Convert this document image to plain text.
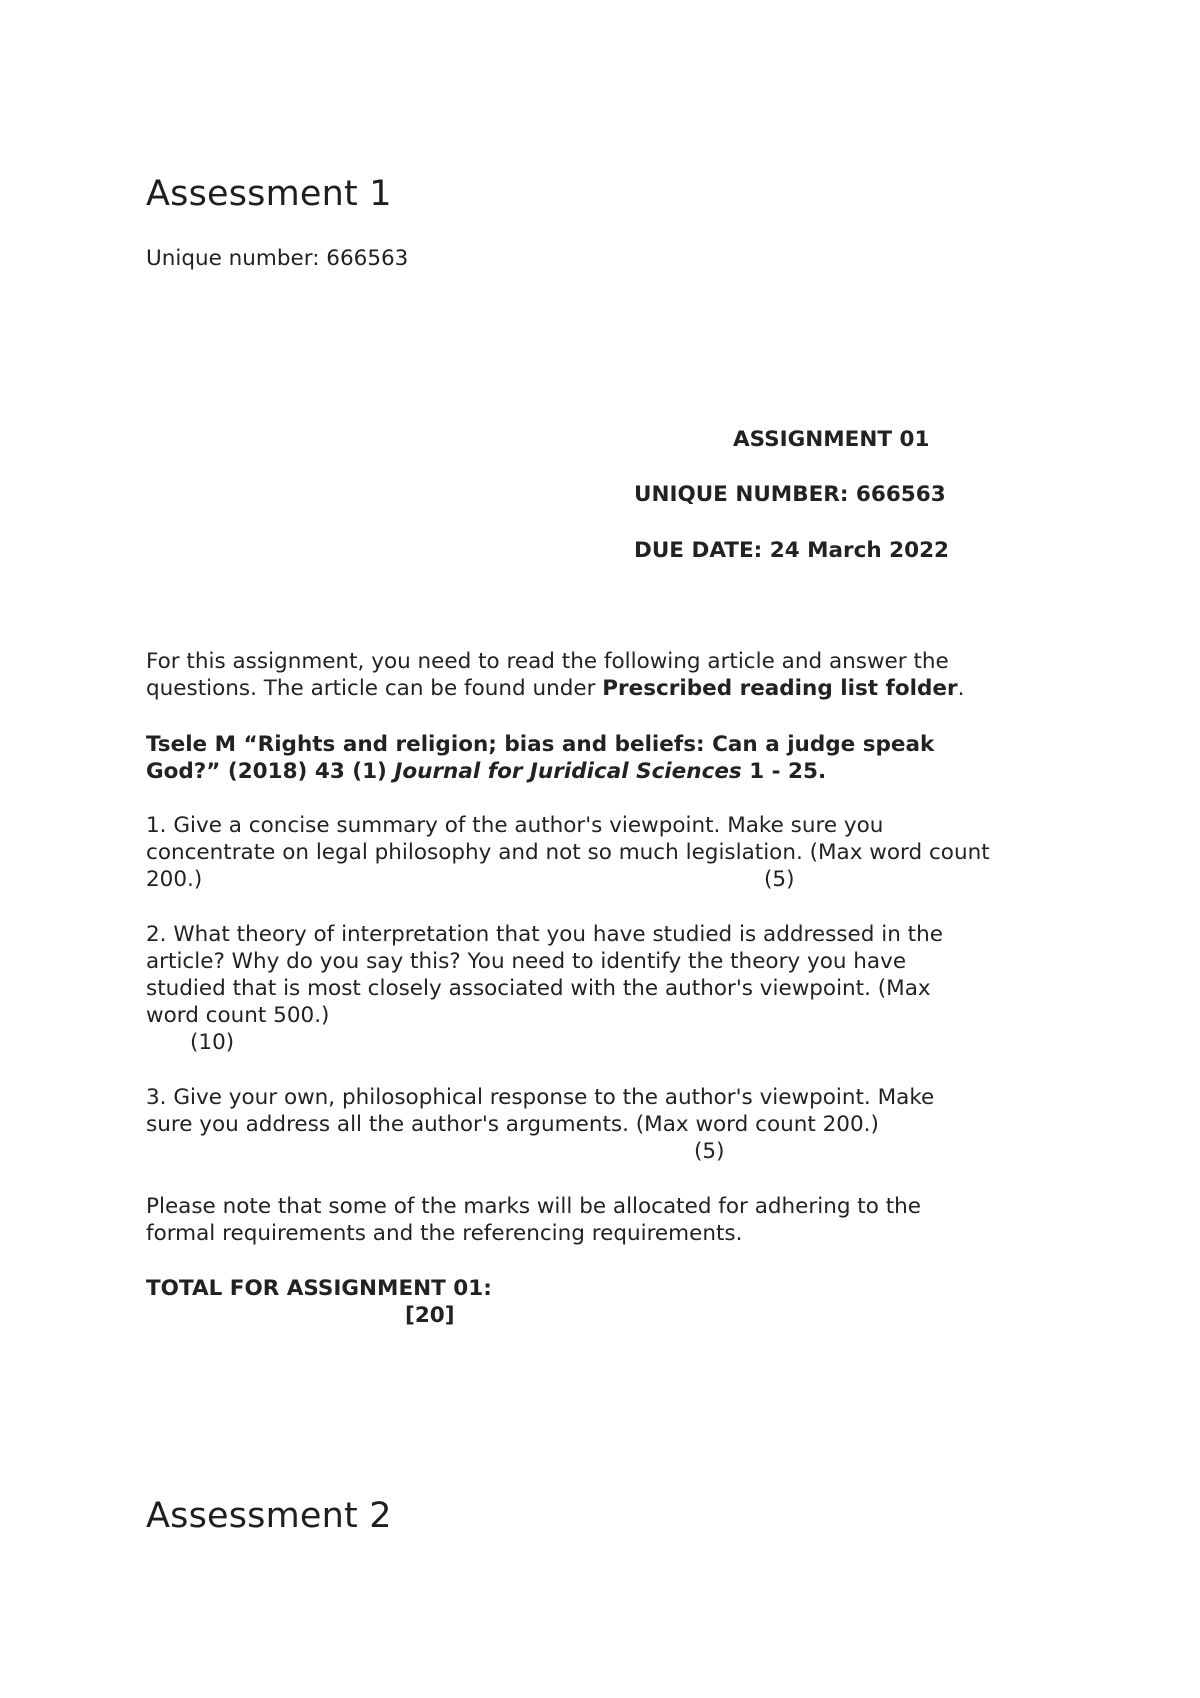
Assessment 1
Unique number: 666563
ASSIGNMENT 01
UNIQUE NUMBER: 666563
DUE DATE: 24 March 2022
For this assignment, you need to read the following article and answer the
questions. The article can be found under Prescribed reading list folder.
Tsele M “Rights and religion; bias and beliefs: Can a judge speak
God?” (2018) 43 (1) Journal for Juridical Sciences 1 - 25.
1. Give a concise summary of the author's viewpoint. Make sure you
concentrate on legal philosophy and not so much legislation. (Max word count
200.)	(5)
2. What theory of interpretation that you have studied is addressed in the
article? Why do you say this? You need to identify the theory you have
studied that is most closely associated with the author's viewpoint. (Max
word count 500.)
(10)
3. Give your own, philosophical response to the author's viewpoint. Make
sure you address all the author's arguments. (Max word count 200.)
(5)
Please note that some of the marks will be allocated for adhering to the
formal requirements and the referencing requirements.
TOTAL FOR ASSIGNMENT 01:
[20]
Assessment 2
